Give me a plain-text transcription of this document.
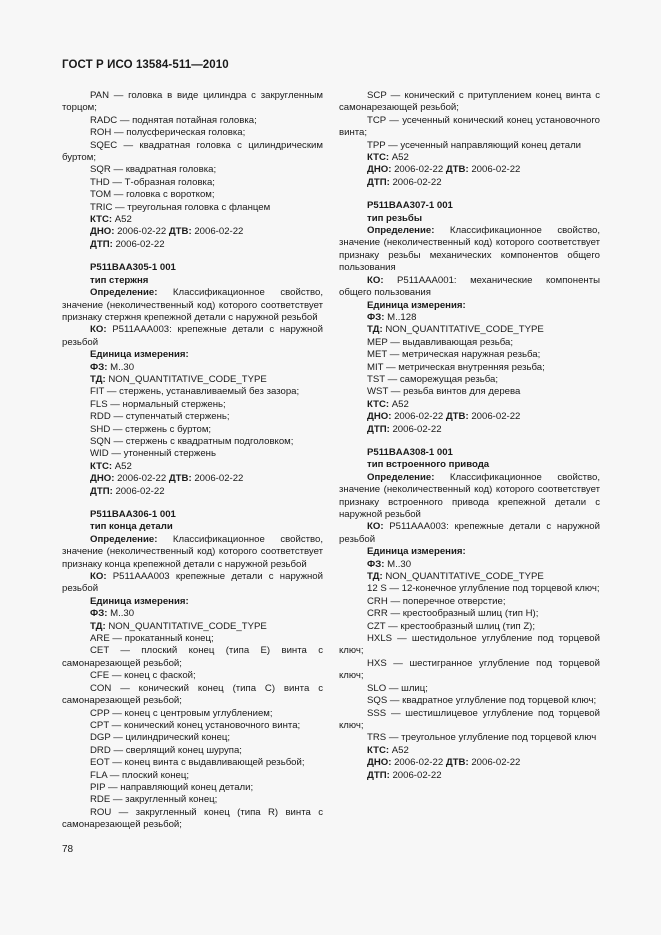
ГОСТ Р ИСО 13584-511—2010

PAN — головка в виде цилиндра с закругленным торцом;

RADC — поднятая потайная головка;

ROH — полусферическая головка;

SQEC — квадратная головка с цилиндрическим буртом;

SQR — квадратная головка;

THD — Т-образная головка;

TOM — головка с воротком;

TRIC — треугольная головка с фланцем

КТС: A52

ДНО: 2006-02-22 ДТВ: 2006-02-22

ДТП: 2006-02-22

P511BAA305-1 001

тип стержня

Определение: Классификационное свойство, значение (неколичественный код) которого соответствует признаку стержня крепежной детали с наружной резьбой

КО: P511AAA003: крепежные детали с наружной резьбой

Единица измерения:

ФЗ: M..30

ТД: NON_QUANTITATIVE_CODE_TYPE

FIT — стержень, устанавливаемый без зазора;

FLS — нормальный стержень;

RDD — ступенчатый стержень;

SHD — стержень с буртом;

SQN — стержень с квадратным подголовком;

WID — утоненный стержень

КТС: A52

ДНО: 2006-02-22 ДТВ: 2006-02-22

ДТП: 2006-02-22

P511BAA306-1 001

тип конца детали

Определение: Классификационное свойство, значение (неколичественный код) которого соответствует признаку конца крепежной детали с наружной резьбой

КО: P511AAA003 крепежные детали с наружной резьбой

Единица измерения:

ФЗ: M..30

ТД: NON_QUANTITATIVE_CODE_TYPE

ARE — прокатанный конец;

CET — плоский конец (типа E) винта с самонарезающей резьбой;

CFE — конец с фаской;

CON — конический конец (типа C) винта с самонарезающей резьбой;

CPP — конец с центровым углублением;

CPT — конический конец установочного винта;

DGP — цилиндрический конец;

DRD — сверлящий конец шурупа;

EOT — конец винта с выдавливающей резьбой;

FLA — плоский конец;

PIP — направляющий конец детали;

RDE — закругленный конец;

ROU — закругленный конец (типа R) винта с самонарезающей резьбой;

SCP — конический с притуплением конец винта с самонарезающей резьбой;

TCP — усеченный конический конец установочного винта;

TPP — усеченный направляющий конец детали

КТС: A52

ДНО: 2006-02-22 ДТВ: 2006-02-22

ДТП: 2006-02-22

P511BAA307-1 001

тип резьбы

Определение: Классификационное свойство, значение (неколичественный код) которого соответствует признаку резьбы механических компонентов общего пользования

КО: P511AAA001: механические компоненты общего пользования

Единица измерения:

ФЗ: M..128

ТД: NON_QUANTITATIVE_CODE_TYPE

MEP — выдавливающая резьба;

MET — метрическая наружная резьба;

MIT — метрическая внутренняя резьба;

TST — саморежущая резьба;

WST — резьба винтов для дерева

КТС: A52

ДНО: 2006-02-22 ДТВ: 2006-02-22

ДТП: 2006-02-22

P511BAA308-1 001

тип встроенного привода

Определение: Классификационное свойство, значение (неколичественный код) которого соответствует признаку встроенного привода крепежной детали с наружной резьбой

КО: P511AAA003: крепежные детали с наружной резьбой

Единица измерения:

ФЗ: M..30

ТД: NON_QUANTITATIVE_CODE_TYPE

12 S — 12-конечное углубление под торцевой ключ;

CRH — поперечное отверстие;

CRR — крестообразный шлиц (тип H);

CZT — крестообразный шлиц (тип Z);

HXLS — шестидольное углубление под торцевой ключ;

HXS — шестигранное углубление под торцевой ключ;

SLO — шлиц;

SQS — квадратное углубление под торцевой ключ;

SSS — шестишлицевое углубление под торцевой ключ;

TRS — треугольное углубление под торцевой ключ

КТС: A52

ДНО: 2006-02-22 ДТВ: 2006-02-22

ДТП: 2006-02-22

78
